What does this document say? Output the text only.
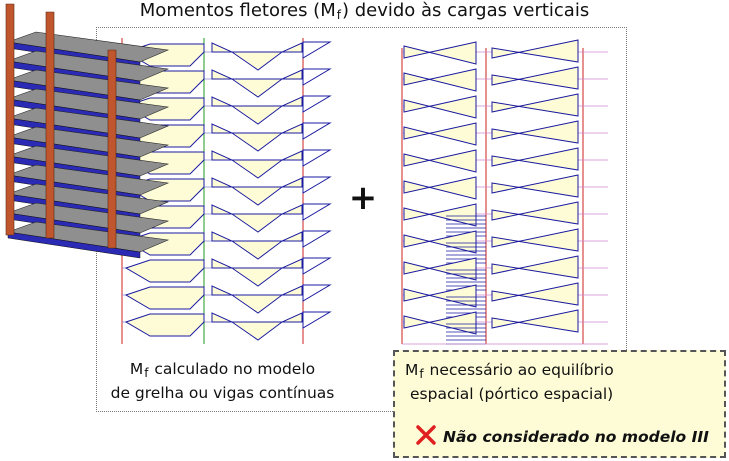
Momentos fletores $(M_f)$ devido às cargas verticais
+
$M_f$ calculado no modelo
de grelha ou vigas contínuas
$M_f$ necessário ao equilíbrio
espacial (pórtico espacial)
Não considerado no modelo III
